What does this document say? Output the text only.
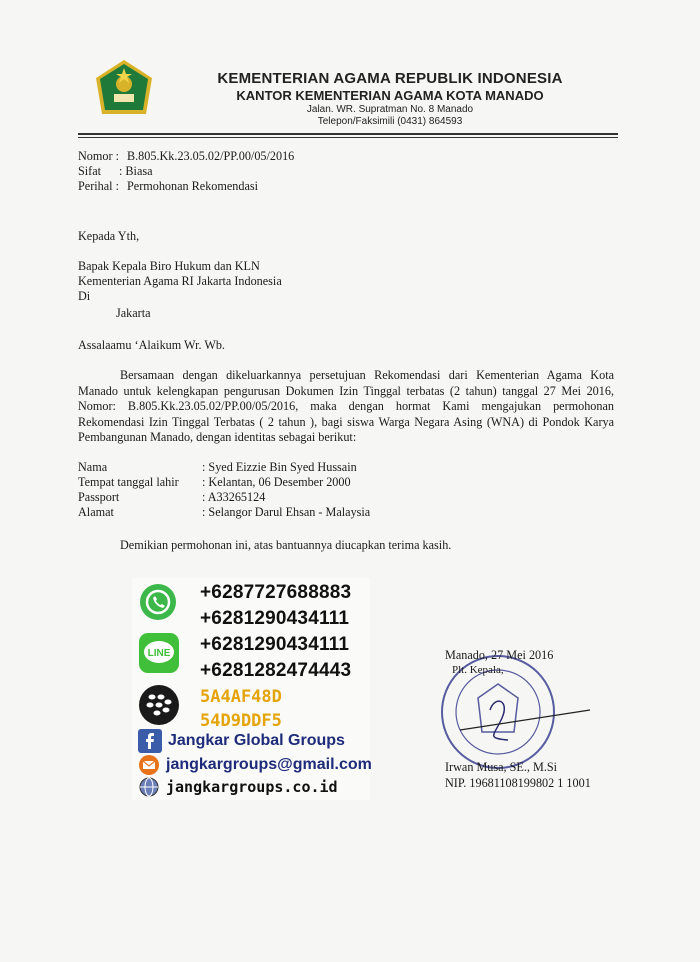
KEMENTERIAN AGAMA REPUBLIK INDONESIA
KANTOR KEMENTERIAN AGAMA KOTA MANADO
Jalan. WR. Supratman No. 8 Manado
Telepon/Faksimili (0431) 864593
Nomor : B.805.Kk.23.05.02/PP.00/05/2016
Sifat : Biasa
Perihal : Permohonan Rekomendasi
Kepada Yth,
Bapak Kepala Biro Hukum dan KLN
Kementerian Agama RI Jakarta Indonesia
Di
Jakarta
Assalaamu ‘Alaikum Wr. Wb.
Bersamaan dengan dikeluarkannya persetujuan Rekomendasi dari Kementerian Agama Kota Manado untuk kelengkapan pengurusan Dokumen Izin Tinggal terbatas (2 tahun) tanggal 27 Mei 2016, Nomor: B.805.Kk.23.05.02/PP.00/05/2016, maka dengan hormat Kami mengajukan permohonan Rekomendasi Izin Tinggal Terbatas ( 2 tahun ), bagi siswa Warga Negara Asing (WNA) di Pondok Karya Pembangunan Manado, dengan identitas sebagai berikut:
Nama	: Syed Eizzie Bin Syed Hussain
Tempat tanggal lahir	: Kelantan, 06 Desember 2000
Passport	: A33265124
Alamat	: Selangor Darul Ehsan - Malaysia
Demikian permohonan ini, atas bantuannya diucapkan terima kasih.
Manado, 27 Mei 2016
Plt. Kepala,
Irwan Musa, SE., M.Si
NIP. 19681108199802 1 1001
+6287727688883
+6281290434111
LINE +6281290434111
+6281282474443
5A4AF48D
54D9DDF5
Jangkar Global Groups
jangkargroups@gmail.com
jangkargroups.co.id
